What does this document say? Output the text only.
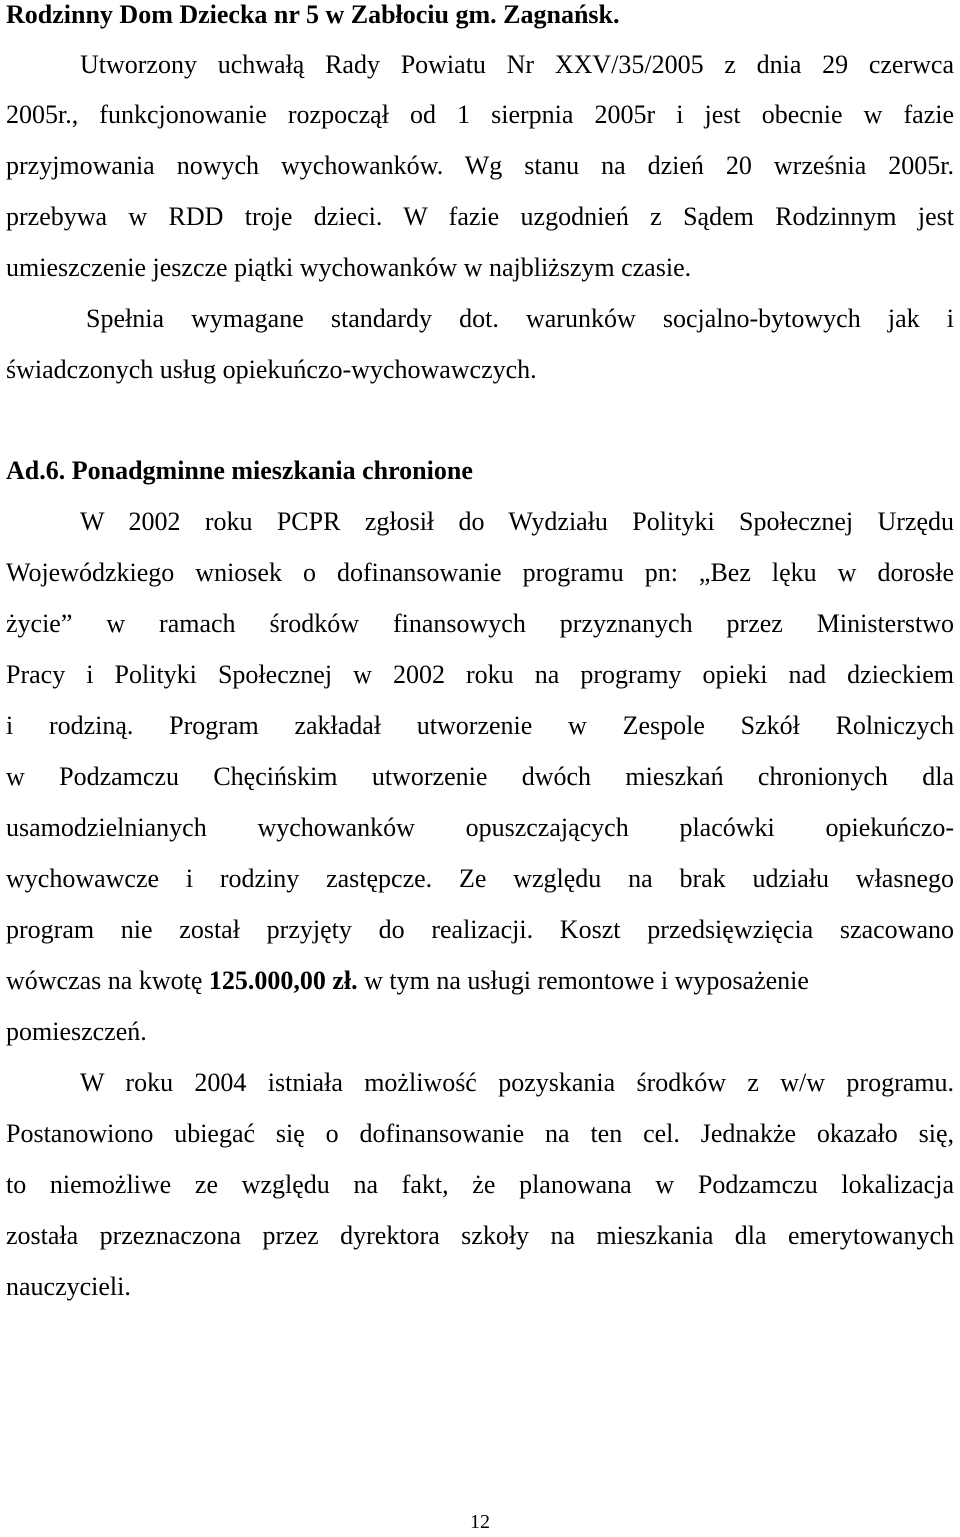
Rodzinny Dom Dziecka nr 5 w Zabłociu gm. Zagnańsk.
Utworzony uchwałą Rady Powiatu Nr XXV/35/2005 z dnia 29 czerwca
2005r., funkcjonowanie rozpoczął od 1 sierpnia 2005r i jest obecnie w fazie
przyjmowania nowych wychowanków. Wg stanu na dzień 20 września 2005r.
przebywa w RDD troje dzieci. W fazie uzgodnień z Sądem Rodzinnym jest
umieszczenie jeszcze piątki wychowanków w najbliższym czasie.
Spełnia wymagane standardy dot. warunków socjalno-bytowych jak i
świadczonych usług opiekuńczo-wychowawczych.
Ad.6. Ponadgminne mieszkania chronione
W 2002 roku PCPR zgłosił do Wydziału Polityki Społecznej Urzędu
Wojewódzkiego wniosek o dofinansowanie programu pn: „Bez lęku w dorosłe
życie” w ramach środków finansowych przyznanych przez Ministerstwo
Pracy i Polityki Społecznej w 2002 roku na programy opieki nad dzieckiem
i rodziną. Program zakładał utworzenie w Zespole Szkół Rolniczych
w Podzamczu Chęcińskim utworzenie dwóch mieszkań chronionych dla
usamodzielnianych wychowanków opuszczających placówki opiekuńczo-
wychowawcze i rodziny zastępcze. Ze względu na brak udziału własnego
program nie został przyjęty do realizacji. Koszt przedsięwzięcia szacowano
wówczas na kwotę 125.000,00 zł. w tym na usługi remontowe i wyposażenie
pomieszczeń.
W roku 2004 istniała możliwość pozyskania środków z w/w programu.
Postanowiono ubiegać się o dofinansowanie na ten cel. Jednakże okazało się,
to niemożliwe ze względu na fakt, że planowana w Podzamczu lokalizacja
została przeznaczona przez dyrektora szkoły na mieszkania dla emerytowanych
nauczycieli.
12
